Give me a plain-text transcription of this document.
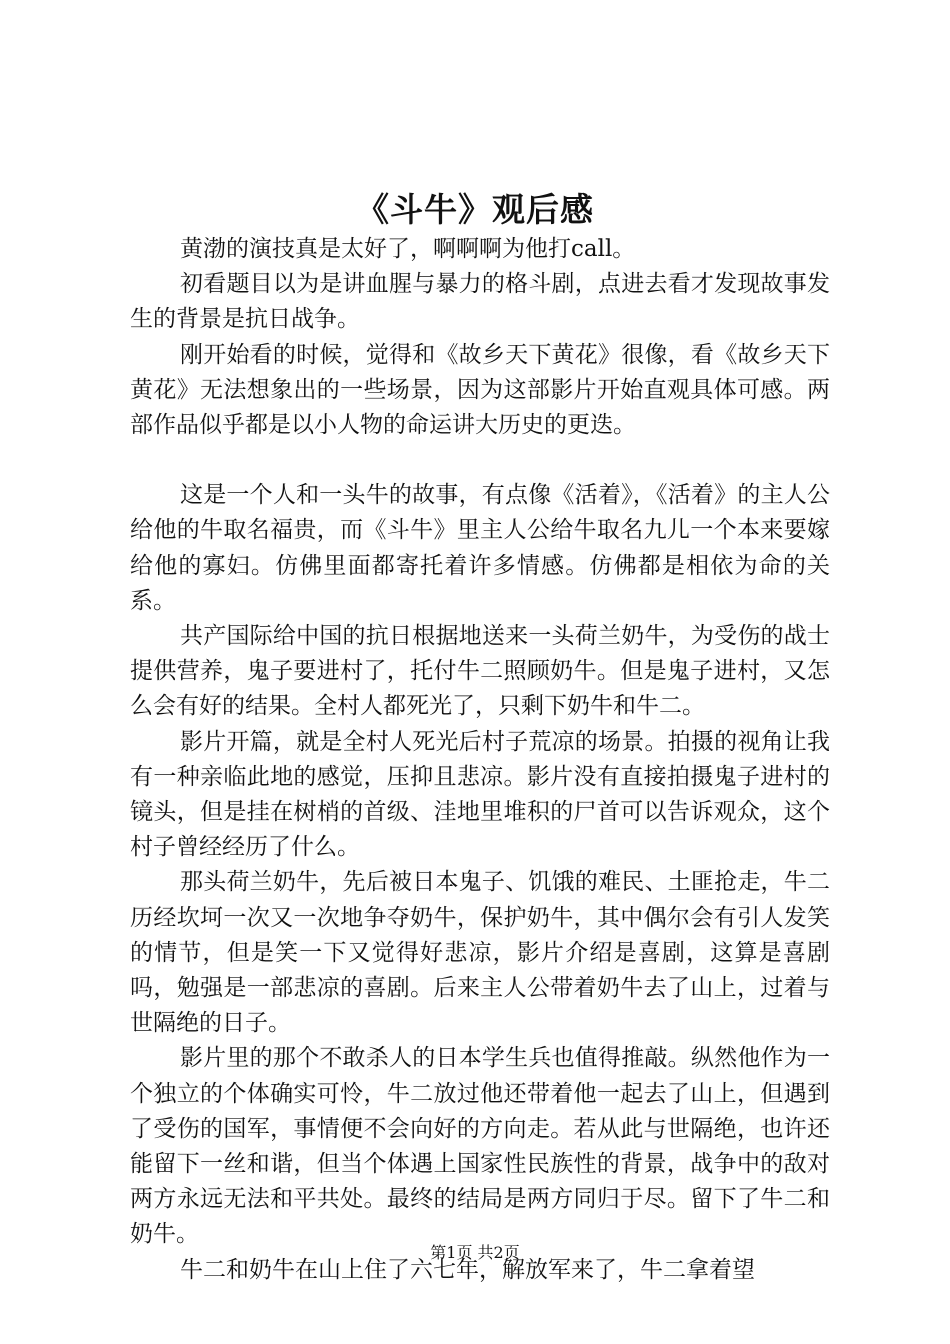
《斗牛》观后感

黄渤的演技真是太好了，啊啊啊为他打call。

初看题目以为是讲血腥与暴力的格斗剧，点进去看才发现故事发生的背景是抗日战争。

刚开始看的时候，觉得和《故乡天下黄花》很像，看《故乡天下黄花》无法想象出的一些场景，因为这部影片开始直观具体可感。两部作品似乎都是以小人物的命运讲大历史的更迭。

这是一个人和一头牛的故事，有点像《活着》，《活着》的主人公给他的牛取名福贵，而《斗牛》里主人公给牛取名九儿一个本来要嫁给他的寡妇。仿佛里面都寄托着许多情感。仿佛都是相依为命的关系。

共产国际给中国的抗日根据地送来一头荷兰奶牛，为受伤的战士提供营养，鬼子要进村了，托付牛二照顾奶牛。但是鬼子进村，又怎么会有好的结果。全村人都死光了，只剩下奶牛和牛二。

影片开篇，就是全村人死光后村子荒凉的场景。拍摄的视角让我有一种亲临此地的感觉，压抑且悲凉。影片没有直接拍摄鬼子进村的镜头，但是挂在树梢的首级、洼地里堆积的尸首可以告诉观众，这个村子曾经经历了什么。

那头荷兰奶牛，先后被日本鬼子、饥饿的难民、土匪抢走，牛二历经坎坷一次又一次地争夺奶牛，保护奶牛，其中偶尔会有引人发笑的情节，但是笑一下又觉得好悲凉，影片介绍是喜剧，这算是喜剧吗，勉强是一部悲凉的喜剧。后来主人公带着奶牛去了山上，过着与世隔绝的日子。

影片里的那个不敢杀人的日本学生兵也值得推敲。纵然他作为一个独立的个体确实可怜，牛二放过他还带着他一起去了山上，但遇到了受伤的国军，事情便不会向好的方向走。若从此与世隔绝，也许还能留下一丝和谐，但当个体遇上国家性民族性的背景，战争中的敌对两方永远无法和平共处。最终的结局是两方同归于尽。留下了牛二和奶牛。

牛二和奶牛在山上住了六七年，解放军来了，牛二拿着望

第1页 共2页
